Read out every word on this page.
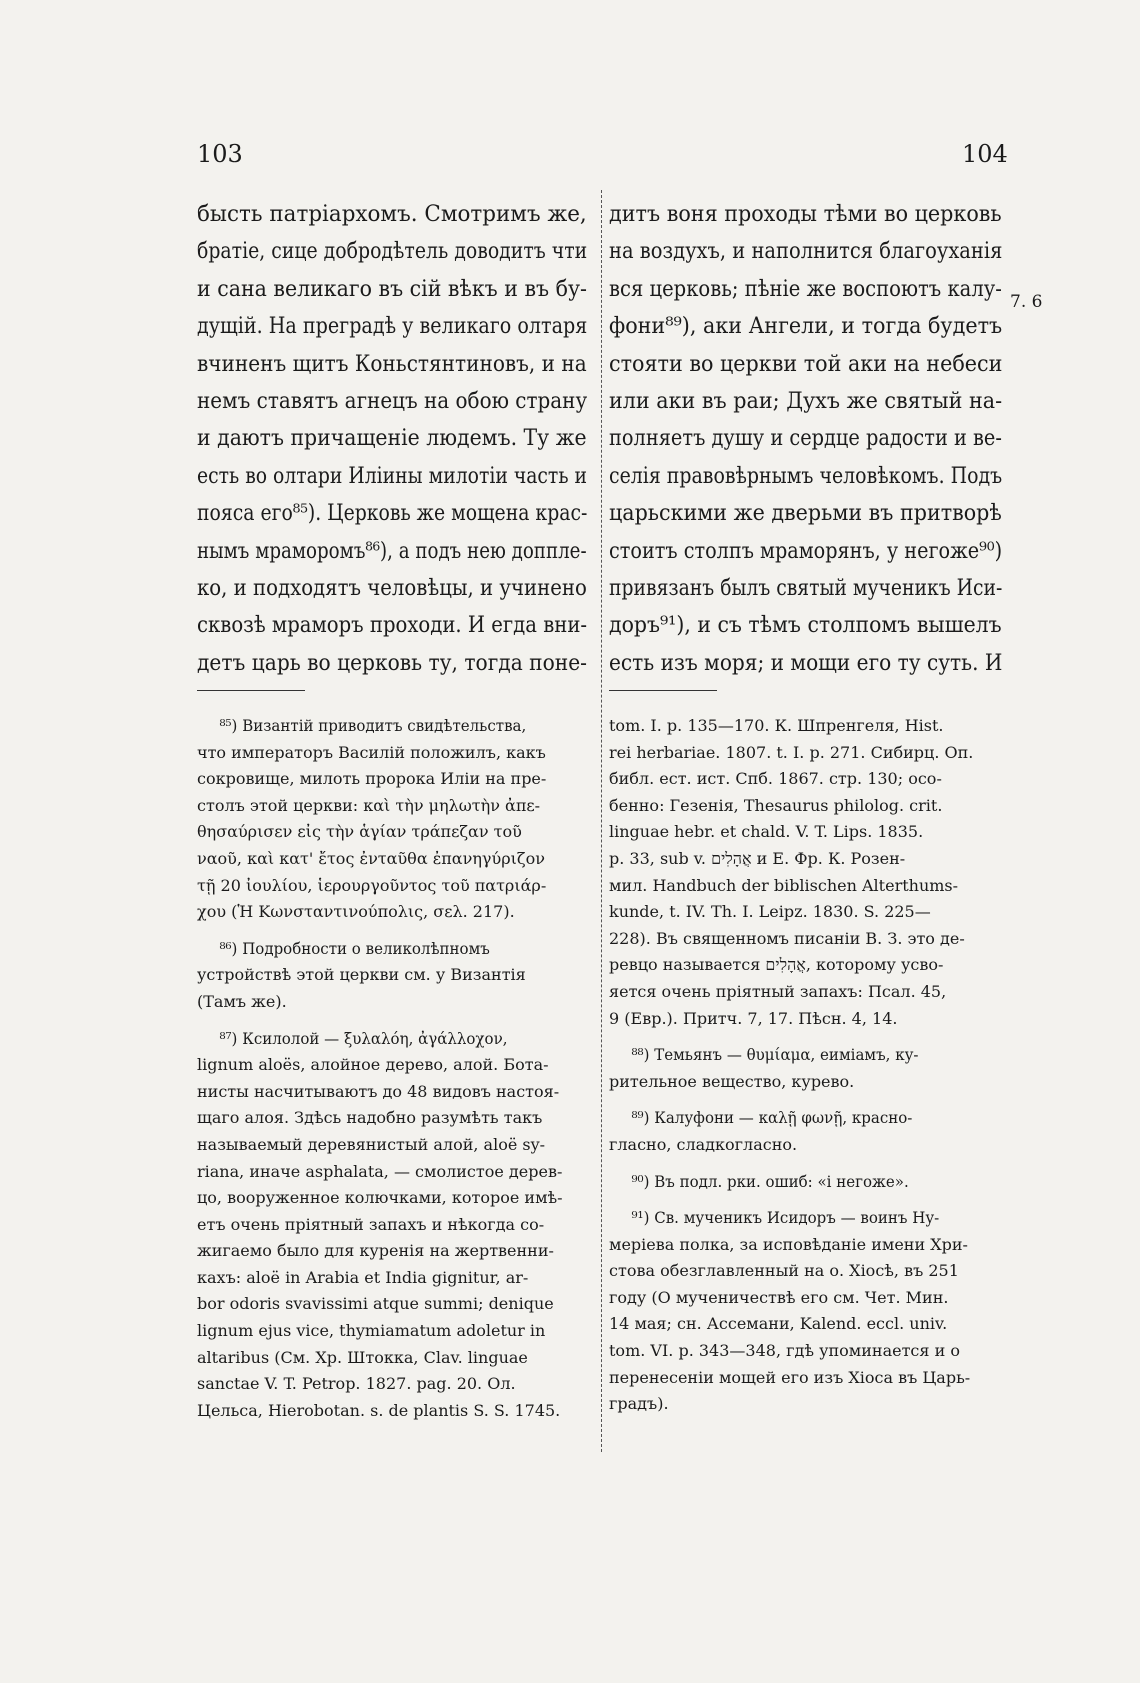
103	104
7. 6
бысть патріархомъ. Смотримъ же,
братіе, сице добродѣтель доводитъ чти
и сана великаго въ сій вѣкъ и въ бу-
дущій. На преградѣ у великаго олтаря
вчиненъ щитъ Коньстянтиновъ, и на
немъ ставятъ агнецъ на обою страну
и даютъ причащеніе людемъ. Ту же
есть во олтари Иліины милотіи часть и
пояса его⁸⁵). Церковь же мощена крас-
нымъ мраморомъ⁸⁶), а подъ нею доппле-
ко, и подходятъ человѣцы, и учинено
сквозѣ мраморъ проходи. И егда вни-
детъ царь во церковь ту, тогда поне-
⁸⁵) Византій приводитъ свидѣтельства,
что императоръ Василій положилъ, какъ
сокровище, милоть пророка Иліи на пре-
столъ этой церкви: καὶ τὴν μηλωτὴν ἀπε-
θησαύρισεν εἰς τὴν ἁγίαν τράπεζαν τοῦ
ναοῦ, καὶ κατ' ἔτος ἐνταῦθα ἐπανηγύριζον
τῇ 20 ἰουλίου, ἱερουργοῦντος τοῦ πατριάρ-
χου (Ἡ Κωνσταντινούπολις, σελ. 217).
⁸⁶) Подробности о великолѣпномъ
устройствѣ этой церкви см. у Византія
(Тамъ же).
⁸⁷) Ксилолой — ξυλαλόη, ἀγάλλοχον,
lignum aloës, алойное дерево, алой. Бота-
нисты насчитываютъ до 48 видовъ настоя-
щаго алоя. Здѣсь надобно разумѣть такъ
называемый деревянистый алой, aloë sy-
riana, иначе asphalata, — смолистое дерев-
цо, вооруженное колючками, которое имѣ-
етъ очень пріятный запахъ и нѣкогда со-
жигаемо было для куренія на жертвенни-
кахъ: aloë in Arabia et India gignitur, ar-
bor odoris svavissimi atque summi; denique
lignum ejus vice, thymiamatum adoletur in
altaribus (См. Хр. Штокка, Clav. linguae
sanctae V. T. Petrop. 1827. pag. 20. Ол.
Цельса, Hierobotan. s. de plantis S. S. 1745.
дитъ воня проходы тѣми во церковь
на воздухъ, и наполнится благоуханія
вся церковь; пѣніе же воспоютъ калу-
фони⁸⁹), аки Ангели, и тогда будетъ
стояти во церкви той аки на небеси
или аки въ раи; Духъ же святый на-
полняетъ душу и сердце радости и ве-
селія правовѣрнымъ человѣкомъ. Подъ
царьскими же дверьми въ притворѣ
стоитъ столпъ мраморянъ, у негоже⁹⁰)
привязанъ былъ святый мученикъ Иси-
доръ⁹¹), и съ тѣмъ столпомъ вышелъ
есть изъ моря; и мощи его ту суть. И
tom. I. p. 135—170. К. Шпренгеля, Hist.
rei herbariae. 1807. t. I. p. 271. Сибирц. Оп.
библ. ест. ист. Спб. 1867. стр. 130; осо-
бенно: Гезенія, Thesaurus philolog. crit.
linguae hebr. et chald. V. T. Lips. 1835.
p. 33, sub v. אֲהָלִים и Е. Фр. К. Розен-
мил. Handbuch der biblischen Alterthums-
kunde, t. IV. Th. I. Leipz. 1830. S. 225—
228). Въ священномъ писаніи В. З. это де-
ревцо называется אֲהָלִים, которому усво-
яется очень пріятный запахъ: Псал. 45,
9 (Евр.). Притч. 7, 17. Пѣсн. 4, 14.
⁸⁸) Темьянъ — θυμίαμα, еиміамъ, ку-
рительное вещество, курево.
⁸⁹) Калуфони — καλῇ φωνῇ, красно-
гласно, сладкогласно.
⁹⁰) Въ подл. рки. ошиб: «і негоже».
⁹¹) Св. мученикъ Исидоръ — воинъ Ну-
меріева полка, за исповѣданіе имени Хри-
стова обезглавленный на о. Хіосѣ, въ 251
году (О мученичествѣ его см. Чет. Мин.
14 мая; сн. Ассемани, Kalend. eccl. univ.
tom. VI. p. 343—348, гдѣ упоминается и о
перенесеніи мощей его изъ Хіоса въ Царь-
градъ).
